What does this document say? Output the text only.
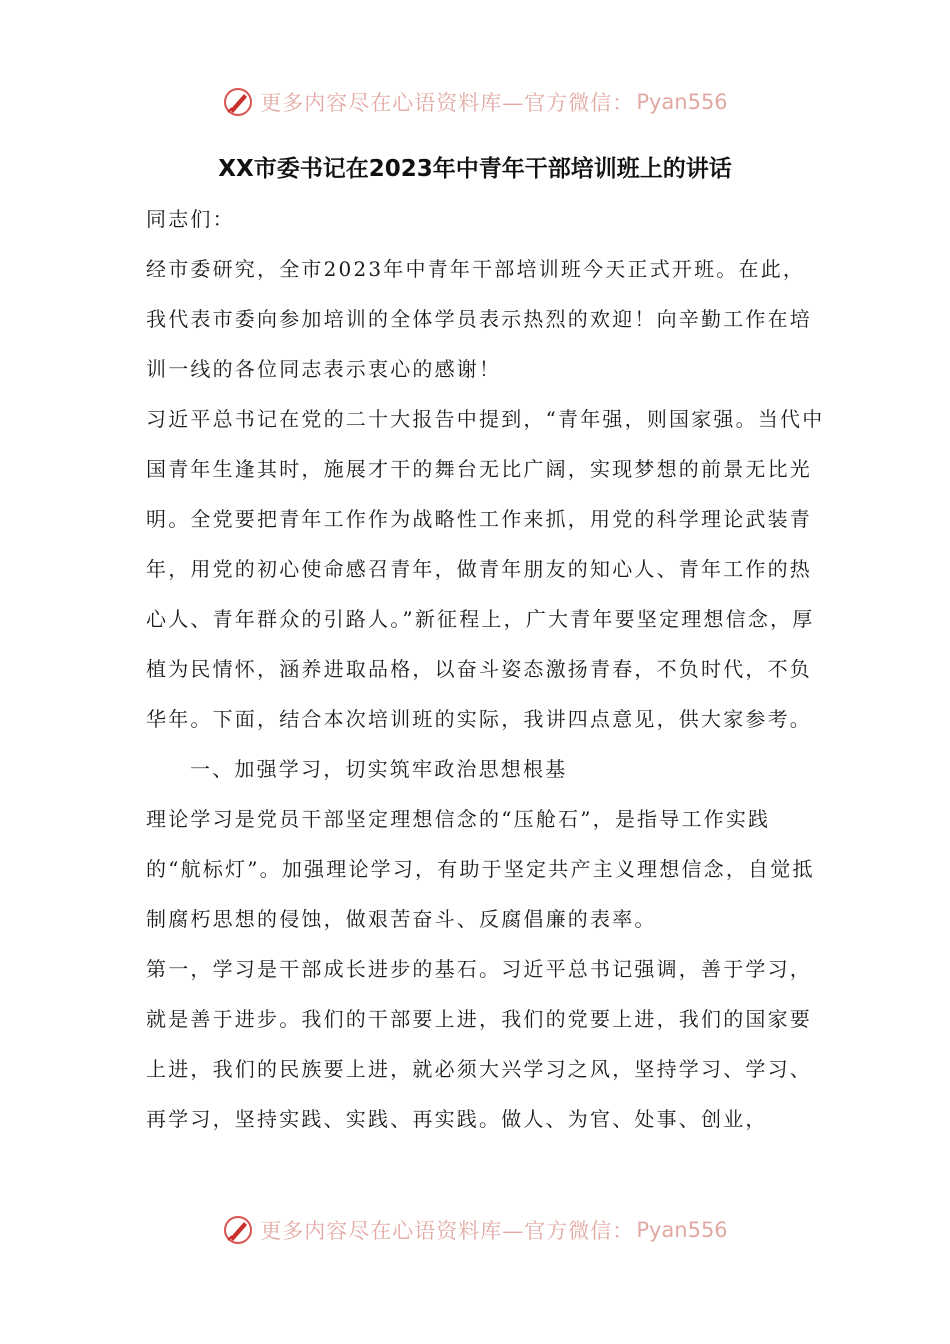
更多内容尽在心语资料库—官方微信： Pyan556
XX市委书记在2023年中青年干部培训班上的讲话

同志们：

经市委研究，全市2023年中青年干部培训班今天正式开班。在此，我代表市委向参加培训的全体学员表示热烈的欢迎！向辛勤工作在培训一线的各位同志表示衷心的感谢！

习近平总书记在党的二十大报告中提到，“青年强，则国家强。当代中国青年生逢其时，施展才干的舞台无比广阔，实现梦想的前景无比光明。全党要把青年工作作为战略性工作来抓，用党的科学理论武装青年，用党的初心使命感召青年，做青年朋友的知心人、青年工作的热心人、青年群众的引路人。”新征程上，广大青年要坚定理想信念，厚植为民情怀，涵养进取品格，以奋斗姿态激扬青春，不负时代，不负华年。下面，结合本次培训班的实际，我讲四点意见，供大家参考。

一、加强学习，切实筑牢政治思想根基

理论学习是党员干部坚定理想信念的“压舱石”，是指导工作实践的“航标灯”。加强理论学习，有助于坚定共产主义理想信念，自觉抵制腐朽思想的侵蚀，做艰苦奋斗、反腐倡廉的表率。

第一，学习是干部成长进步的基石。习近平总书记强调，善于学习，就是善于进步。我们的干部要上进，我们的党要上进，我们的国家要上进，我们的民族要上进，就必须大兴学习之风，坚持学习、学习、再学习，坚持实践、实践、再实践。做人、为官、处事、创业，

更多内容尽在心语资料库—官方微信： Pyan556
